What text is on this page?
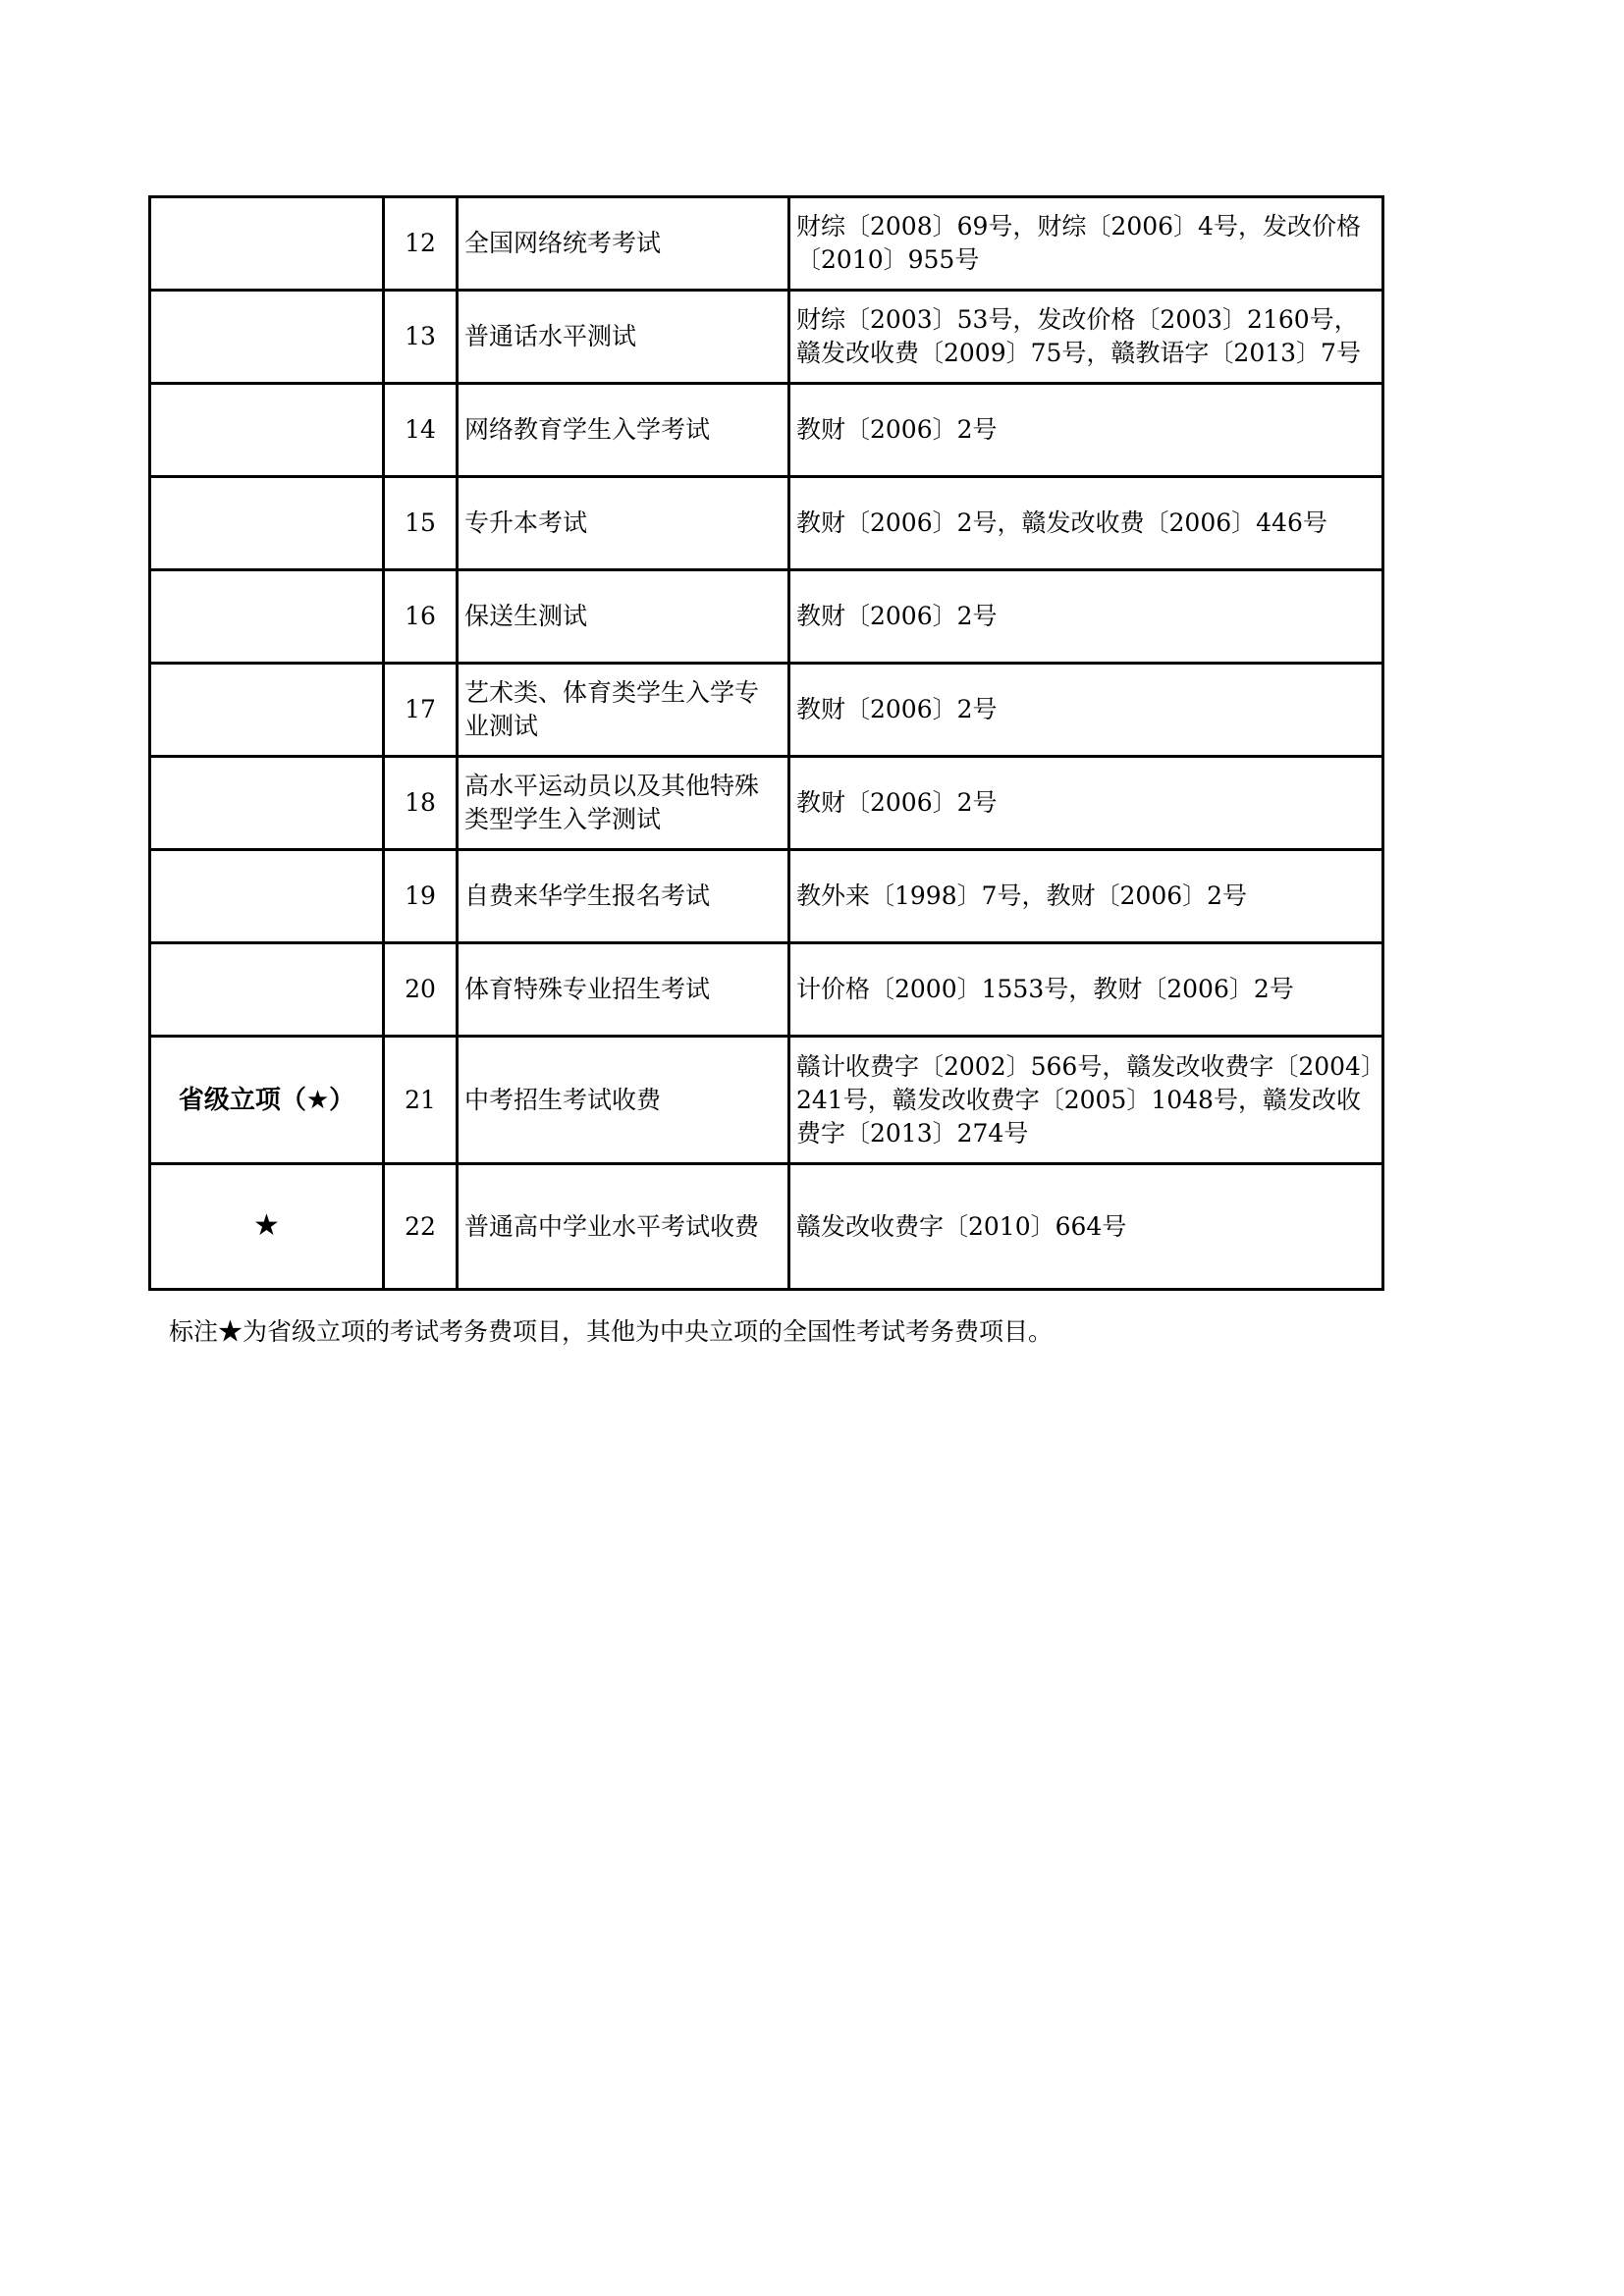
	12	全国网络统考考试	财综〔2008〕69号，财综〔2006〕4号，发改价格〔2010〕955号
	13	普通话水平测试	财综〔2003〕53号，发改价格〔2003〕2160号，赣发改收费〔2009〕75号，赣教语字〔2013〕7号
	14	网络教育学生入学考试	教财〔2006〕2号
	15	专升本考试	教财〔2006〕2号，赣发改收费〔2006〕446号
	16	保送生测试	教财〔2006〕2号
	17	艺术类、体育类学生入学专业测试	教财〔2006〕2号
	18	高水平运动员以及其他特殊类型学生入学测试	教财〔2006〕2号
	19	自费来华学生报名考试	教外来〔1998〕7号，教财〔2006〕2号
	20	体育特殊专业招生考试	计价格〔2000〕1553号，教财〔2006〕2号
省级立项（★）	21	中考招生考试收费	赣计收费字〔2002〕566号，赣发改收费字〔2004〕241号，赣发改收费字〔2005〕1048号，赣发改收费字〔2013〕274号
★	22	普通高中学业水平考试收费	赣发改收费字〔2010〕664号
标注★为省级立项的考试考务费项目，其他为中央立项的全国性考试考务费项目。
